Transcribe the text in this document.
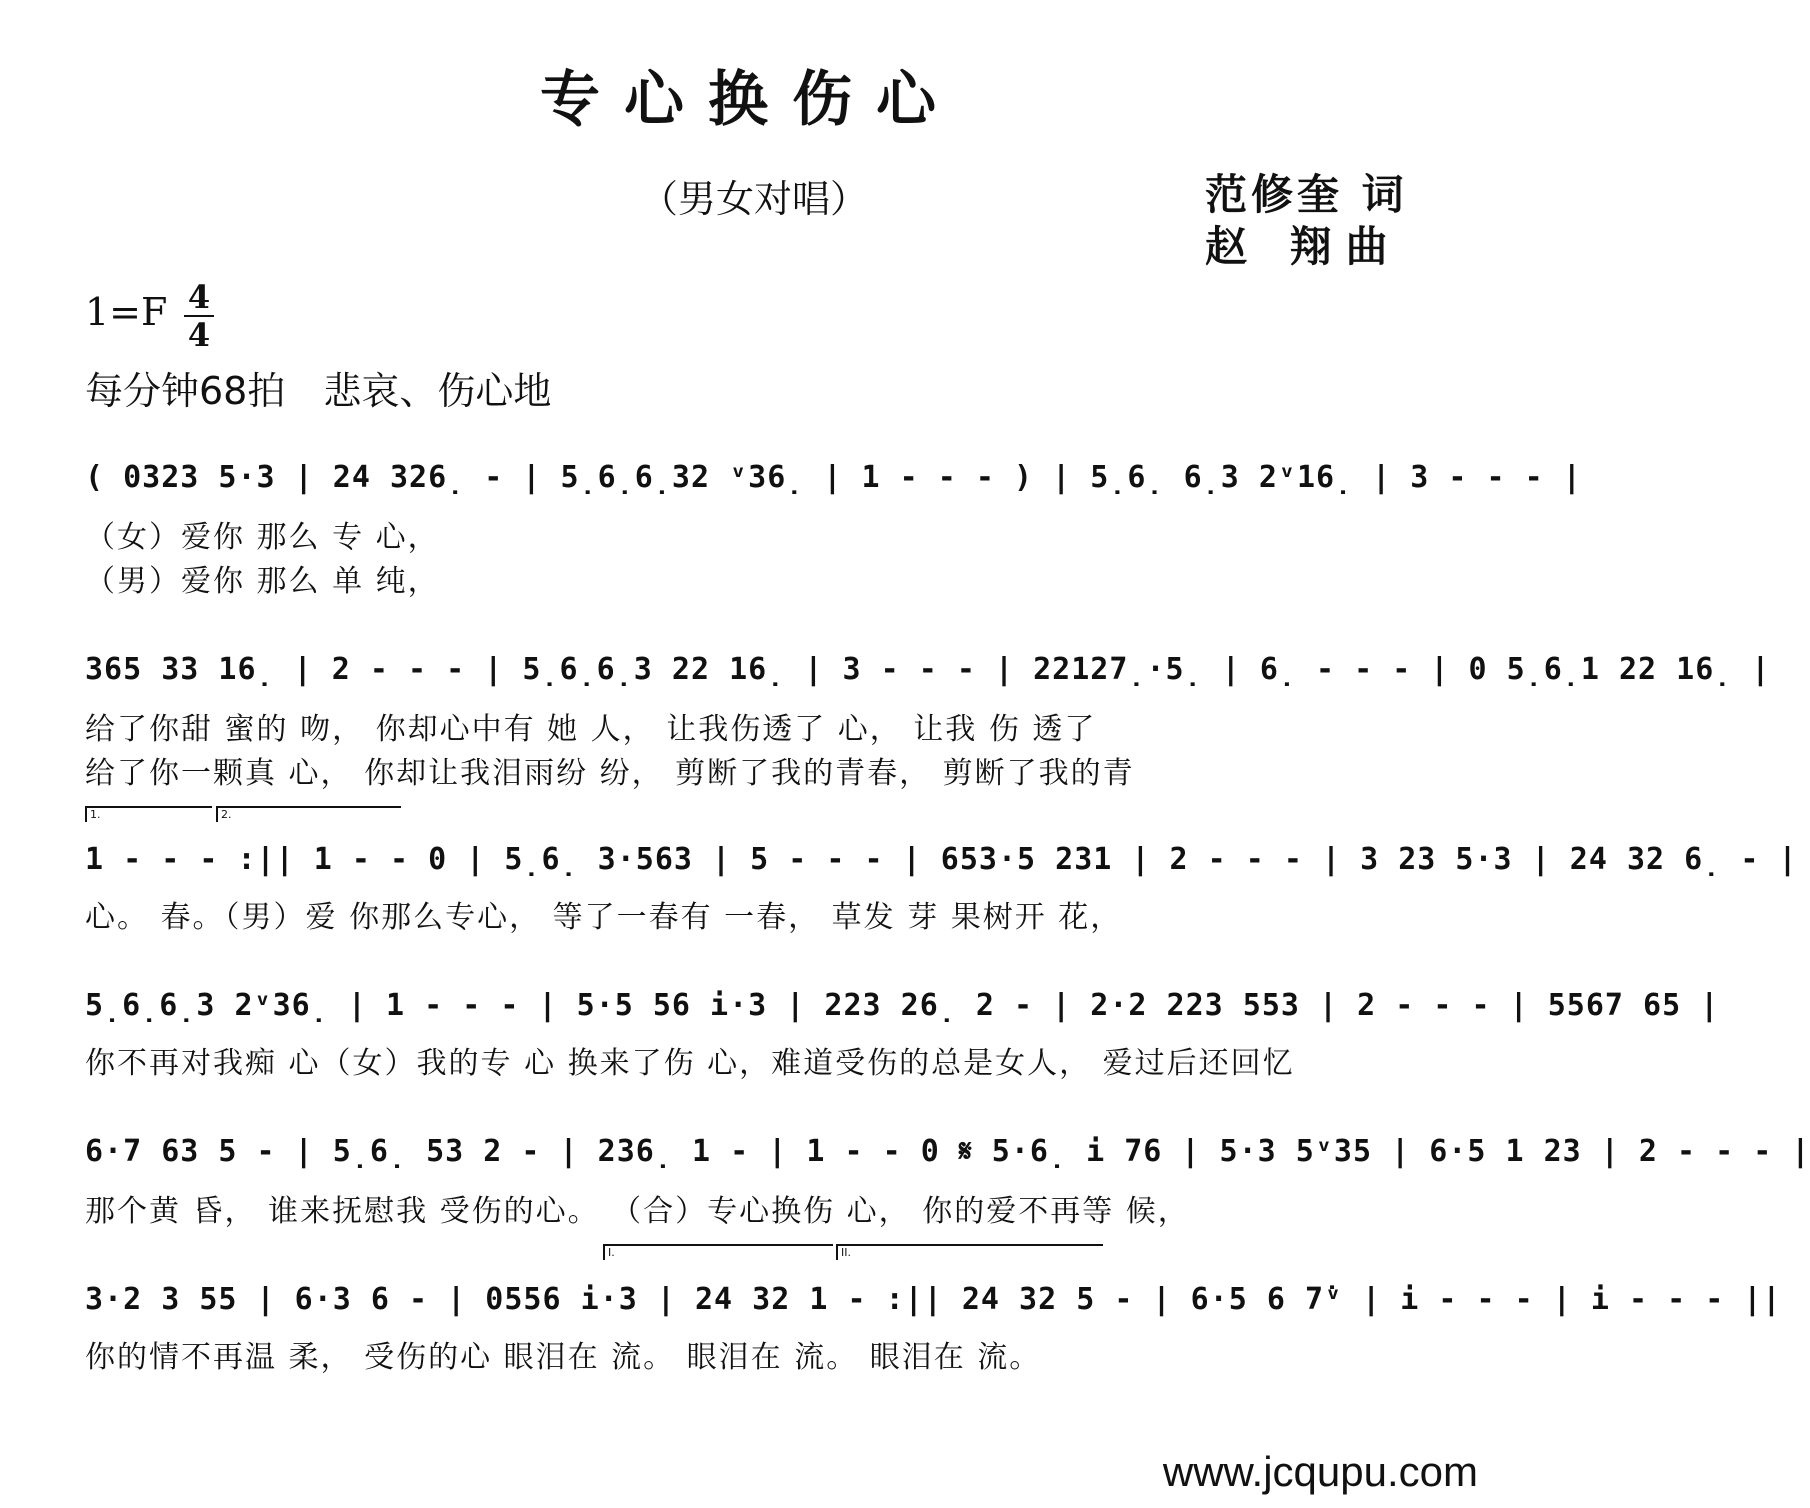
专心换伤心
（男女对唱）	范修奎 词
赵 翔曲
1=F 4
4
每分钟68拍　悲哀、伤心地
( 0323 5·3 | 24 326̣ - | 5̣6̣6̣32 ᵛ36̣ | 1 - - - ) | 5̣6̣ 6̣3 2ᵛ16̣ | 3 - - - |
（女）爱你 那么 专 心，
（男）爱你 那么 单 纯，
365 33 16̣ | 2 - - - | 5̣6̣6̣3 22 16̣ | 3 - - - | 22127̣·5̣ | 6̣ - - - | 0 5̣6̣1 22 16̣ |
给了你甜 蜜的 吻， 你却心中有 她 人， 让我伤透了 心， 让我 伤 透了
给了你一颗真 心， 你却让我泪雨纷 纷， 剪断了我的青春， 剪断了我的青
1.	2.
1 - - - :|| 1 - - 0 | 5̣6̣ 3·563 | 5 - - - | 653·5 231 | 2 - - - | 3 23 5·3 | 24 32 6̣ - |
心。 春。（男）爱 你那么专心， 等了一春有 一春， 草发 芽 果树开 花，
5̣6̣6̣3 2ᵛ36̣ | 1 - - - | 5·5 56 i·3 | 223 26̣ 2 - | 2·2 223 553 | 2 - - - | 5567 65 |
你不再对我痴 心（女）我的专 心 换来了伤 心，难道受伤的总是女人， 爱过后还回忆
6·7 63 5 - | 5̣6̣ 53 2 - | 236̣ 1 - | 1 - - 0 𝄋 5·6̣ i 76 | 5·3 5ᵛ35 | 6·5 1 23 | 2 - - - |
那个黄 昏， 谁来抚慰我 受伤的心。 （合）专心换伤 心， 你的爱不再等 候，
I.	II.
3·2 3 55 | 6·3 6 - | 0556 i·3 | 24 32 1 - :|| 24 32 5 - | 6·5 6 7̇ᵛ | i - - - | i - - - ||
你的情不再温 柔， 受伤的心 眼泪在 流。 眼泪在 流。 眼泪在 流。
www.jcqupu.com
